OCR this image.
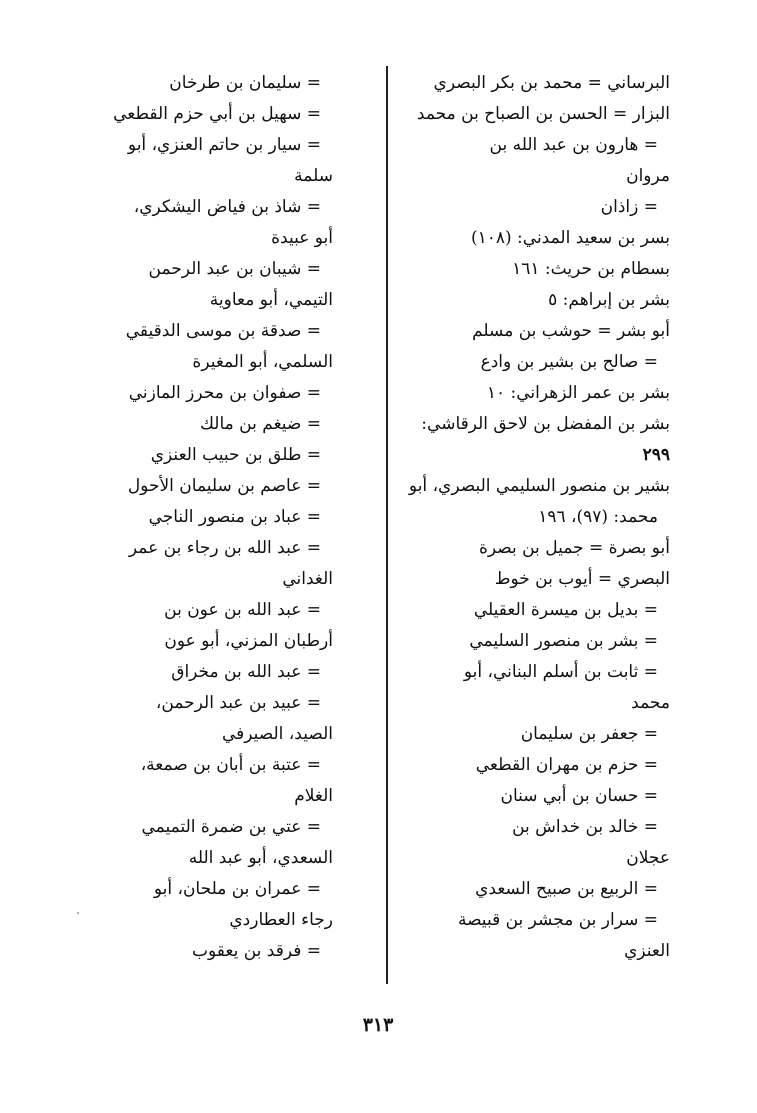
البرساني = محمد بن بكر البصري
البزار = الحسن بن الصباح بن محمد
= هارون بن عبد الله بن
مروان
= زاذان
بسر بن سعيد المدني: (١٠٨)
بسطام بن حريث: ١٦١
بشر بن إبراهم: ٥
أبو بشر = حوشب بن مسلم
= صالح بن بشير بن وادع
بشر بن عمر الزهراني: ١٠
بشر بن المفضل بن لاحق الرقاشي:
٢٩٩
بشير بن منصور السليمي البصري، أبو
محمد: (٩٧)، ١٩٦
أبو بصرة = جميل بن بصرة
البصري = أيوب بن خوط
= بديل بن ميسرة العقيلي
= بشر بن منصور السليمي
= ثابت بن أسلم البناني، أبو
محمد
= جعفر بن سليمان
= حزم بن مهران القطعي
= حسان بن أبي سنان
= خالد بن خداش بن
عجلان
= الربيع بن صبيح السعدي
= سرار بن مجشر بن قبيصة
العنزي
= سليمان بن طرخان
= سهيل بن أبي حزم القطعي
= سيار بن حاتم العنزي، أبو
سلمة
= شاذ بن فياض اليشكري،
أبو عبيدة
= شيبان بن عبد الرحمن
التيمي، أبو معاوية
= صدقة بن موسى الدقيقي
السلمي، أبو المغيرة
= صفوان بن محرز المازني
= ضيغم بن مالك
= طلق بن حبيب العنزي
= عاصم بن سليمان الأحول
= عباد بن منصور الناجي
= عبد الله بن رجاء بن عمر
الغداني
= عبد الله بن عون بن
أرطبان المزني، أبو عون
= عبد الله بن مخراق
= عبيد بن عبد الرحمن،
الصيد، الصيرفي
= عتبة بن أبان بن صمعة،
الغلام
= عتي بن ضمرة التميمي
السعدي، أبو عبد الله
= عمران بن ملحان، أبو
رجاء العطاردي
= فرقد بن يعقوب
٣١٣
